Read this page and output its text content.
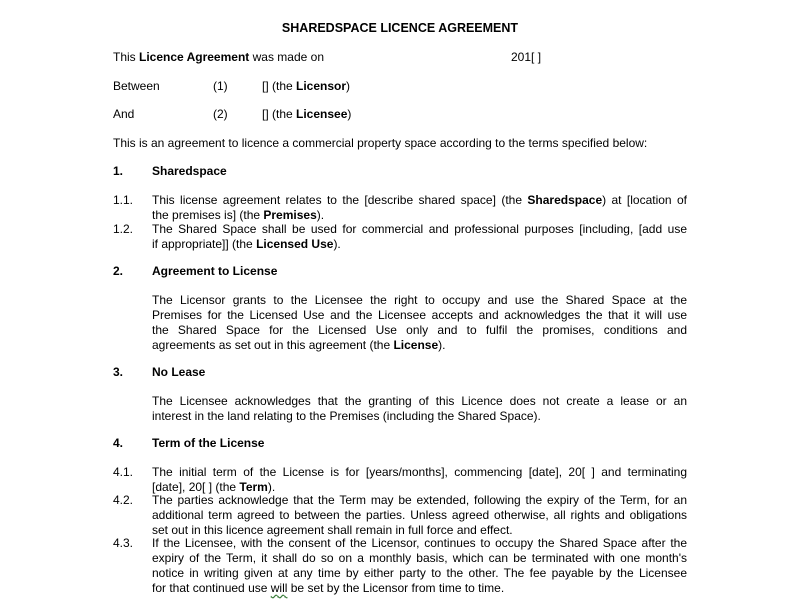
SHAREDSPACE LICENCE AGREEMENT
This Licence Agreement was made on	201[ ]
Between	(1)	[] (the Licensor)
And	(2)	[] (the Licensee)
This is an agreement to licence a commercial property space according to the terms specified below:
1. Sharedspace
1.1. This license agreement relates to the [describe shared space] (the Sharedspace) at [location of
the premises is] (the Premises).
1.2. The Shared Space shall be used for commercial and professional purposes [including, [add use
if appropriate]] (the Licensed Use).
2. Agreement to License
The Licensor grants to the Licensee the right to occupy and use the Shared Space at the
Premises for the Licensed Use and the Licensee accepts and acknowledges the that it will use
the Shared Space for the Licensed Use only and to fulfil the promises, conditions and
agreements as set out in this agreement (the License).
3. No Lease
The Licensee acknowledges that the granting of this Licence does not create a lease or an
interest in the land relating to the Premises (including the Shared Space).
4. Term of the License
4.1. The initial term of the License is for [years/months], commencing [date], 20[ ] and terminating
[date], 20[ ] (the Term).
4.2. The parties acknowledge that the Term may be extended, following the expiry of the Term, for an
additional term agreed to between the parties. Unless agreed otherwise, all rights and obligations
set out in this licence agreement shall remain in full force and effect.
4.3. If the Licensee, with the consent of the Licensor, continues to occupy the Shared Space after the
expiry of the Term, it shall do so on a monthly basis, which can be terminated with one month's
notice in writing given at any time by either party to the other. The fee payable by the Licensee
for that continued use will be set by the Licensor from time to time.
